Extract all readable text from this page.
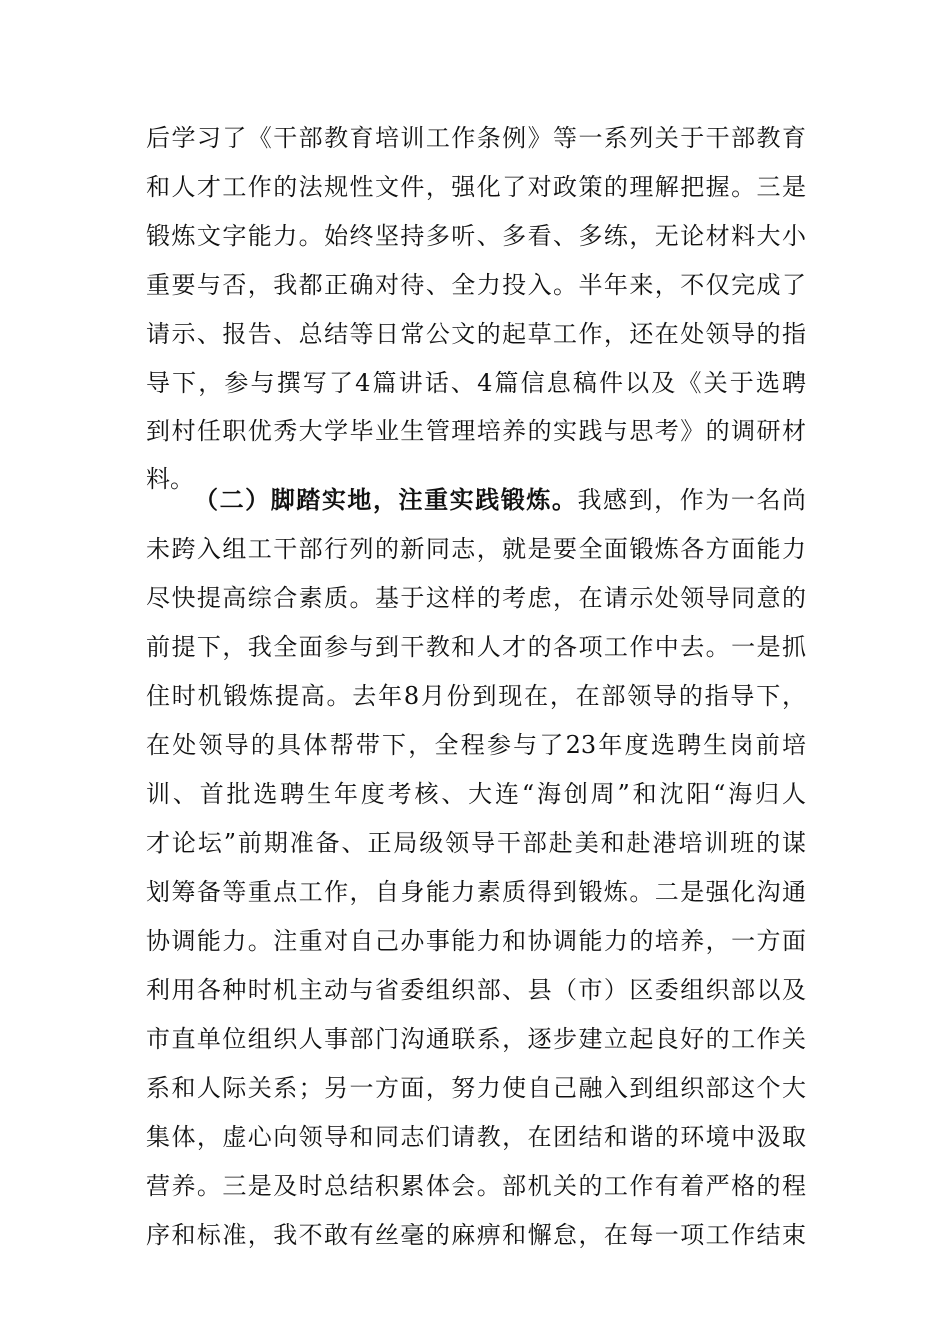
后学习了《干部教育培训工作条例》等一系列关于干部教育
和人才工作的法规性文件，强化了对政策的理解把握。三是
锻炼文字能力。始终坚持多听、多看、多练，无论材料大小
重要与否，我都正确对待、全力投入。半年来，不仅完成了
请示、报告、总结等日常公文的起草工作，还在处领导的指
导下，参与撰写了4篇讲话、4篇信息稿件以及《关于选聘
到村任职优秀大学毕业生管理培养的实践与思考》的调研材
料。
（二）脚踏实地，注重实践锻炼。我感到，作为一名尚
未跨入组工干部行列的新同志，就是要全面锻炼各方面能力
尽快提高综合素质。基于这样的考虑，在请示处领导同意的
前提下，我全面参与到干教和人才的各项工作中去。一是抓
住时机锻炼提高。去年8月份到现在，在部领导的指导下，
在处领导的具体帮带下，全程参与了23年度选聘生岗前培
训、首批选聘生年度考核、大连“海创周”和沈阳“海归人
才论坛”前期准备、正局级领导干部赴美和赴港培训班的谋
划筹备等重点工作，自身能力素质得到锻炼。二是强化沟通
协调能力。注重对自己办事能力和协调能力的培养，一方面
利用各种时机主动与省委组织部、县（市）区委组织部以及
市直单位组织人事部门沟通联系，逐步建立起良好的工作关
系和人际关系；另一方面，努力使自己融入到组织部这个大
集体，虚心向领导和同志们请教，在团结和谐的环境中汲取
营养。三是及时总结积累体会。部机关的工作有着严格的程
序和标准，我不敢有丝毫的麻痹和懈怠，在每一项工作结束
